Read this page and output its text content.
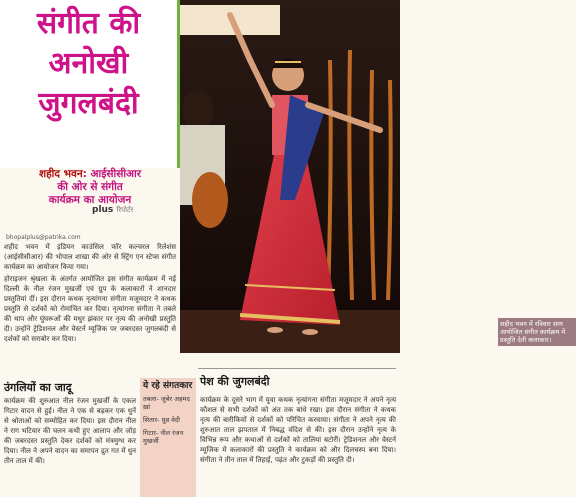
संगीत की अनोखी जुगलबंदी
शहीद भवन में रविवार शाम आयोजित संगीत कार्यक्रम में प्रस्तुति देती कलाकार।
शहीद भवन: आईसीसीआर
की ओर से संगीत
कार्यक्रम का आयोजन
plus रिपोर्टर
bhopalplus@patrika.com

शहीद भवन में इंडियन काउंसिल फॉर कल्चरल रिलेशंस (आईसीसीआर) की भोपाल शाखा की ओर से स्ट्रिंग एन स्टेप्स संगीत कार्यक्रम का आयोजन किया गया।

होराइजन श्रृंखला के अंतर्गत आयोजित इस संगीत कार्यक्रम में नई दिल्ली के नील रंजन मुखर्जी एवं ग्रुप के कलाकारों ने शानदार प्रस्तुतियां दीं। इस दौरान कथक नृत्यांगना संगीता मजूमदार ने कथक प्रस्तुति से दर्शकों को रोमांचित कर दिया। नृत्यांगना संगीता ने तबले की थाप और घुंघरूओं की मधुर झंकार पर नृत्य की अनोखी प्रस्तुति दी। उन्होंने ट्रेडिशनल और वेस्टर्न म्यूजिक पर जबरदस्त जुगलबंदी से दर्शकों को सराबोर कर दिया।

उंगलियों का जादू
कार्यक्रम की शुरुआत नील रंजन मुखर्जी के एकल गिटार वादन से हुई। नील ने एक से बढ़कर एक धुनें से श्रोताओं को सम्मोहित कर दिया। इस दौरान नील ने राग भटियार की चलन कथी हुए आलाप और जोड़ की जबरदस्त प्रस्तुति देकर दर्शकों को मंत्रमुग्ध कर दिया। नील ने अपने वादन का समापन द्रुत गत में धुन तीन ताल में की।
ये रहे संगतकार
तबला- जुबेर अहमद ख़ां
सितार- धुव्र वेदी
गिटार- नील रंजन मुखर्जी
पेश की जुगलबंदी
कार्यक्रम के दूसरे भाग में युवा कथक नृत्यांगना संगीता मजूमदार ने अपने नृत्य कौशल से सभी दर्शकों को अंत तक बांधे रखा। इस दौरान संगीता ने कथक नृत्य की बारीकियों से दर्शकों को परिचित करवाया। संगीता ने अपने नृत्य की शुरुआत ताल झपताल में निबद्ध वंदिश से की। इस दौरान उन्होंने नृत्य के विभिन्न रूप और कथाओं से दर्शकों को तालियां बटोरीं। ट्रेडिशनल और वेस्टर्न म्यूजिक में कलाकारों की प्रस्तुति ने कार्यक्रम को और दिलचस्प बना दिया। संगीता ने तीन ताल में तिहाई, पढ़ंत और टुकड़ों की प्रस्तुति दी।
